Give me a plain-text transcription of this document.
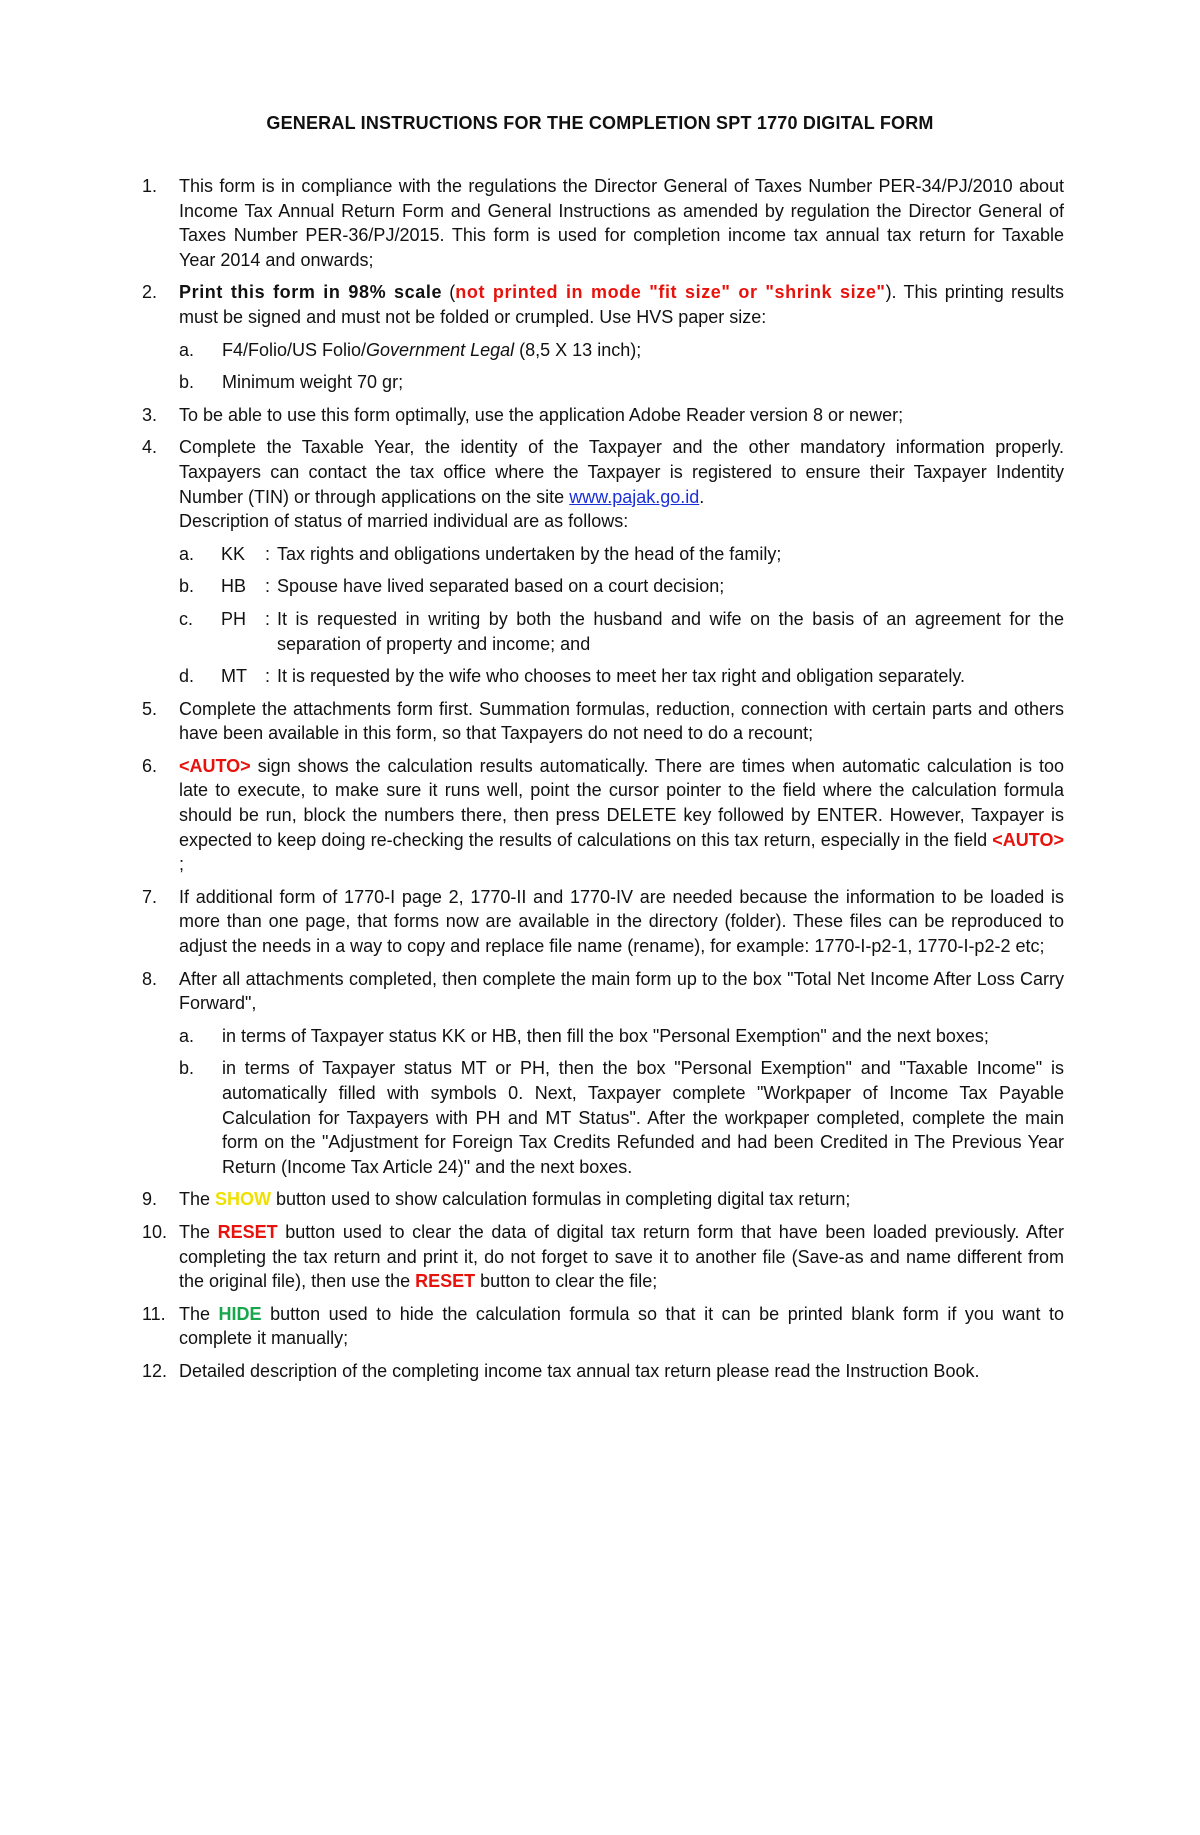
GENERAL INSTRUCTIONS FOR THE COMPLETION SPT 1770 DIGITAL FORM
1.	This form is in compliance with the regulations the Director General of Taxes Number PER-34/PJ/2010 about Income Tax Annual Return Form and General Instructions as amended by regulation the Director General of Taxes Number PER-36/PJ/2015. This form is used for completion income tax annual tax return for Taxable Year 2014 and onwards;
2.	Print this form in 98% scale (not printed in mode "fit size" or "shrink size"). This printing results must be signed and must not be folded or crumpled. Use HVS paper size:
a. F4/Folio/US Folio/Government Legal (8,5 X 13 inch);
b. Minimum weight 70 gr;
3.	To be able to use this form optimally, use the application Adobe Reader version 8 or newer;
4.	Complete the Taxable Year, the identity of the Taxpayer and the other mandatory information properly. Taxpayers can contact the tax office where the Taxpayer is registered to ensure their Taxpayer Indentity Number (TIN) or through applications on the site www.pajak.go.id.
Description of status of married individual are as follows:
a. KK : Tax rights and obligations undertaken by the head of the family;
b. HB : Spouse have lived separated based on a court decision;
c. PH : It is requested in writing by both the husband and wife on the basis of an agreement for the separation of property and income; and
d. MT : It is requested by the wife who chooses to meet her tax right and obligation separately.
5.	Complete the attachments form first. Summation formulas, reduction, connection with certain parts and others have been available in this form, so that Taxpayers do not need to do a recount;
6.	<AUTO> sign shows the calculation results automatically. There are times when automatic calculation is too late to execute, to make sure it runs well, point the cursor pointer to the field where the calculation formula should be run, block the numbers there, then press DELETE key followed by ENTER. However, Taxpayer is expected to keep doing re-checking the results of calculations on this tax return, especially in the field <AUTO> ;
7.	If additional form of 1770-I page 2, 1770-II and 1770-IV are needed because the information to be loaded is more than one page, that forms now are available in the directory (folder). These files can be reproduced to adjust the needs in a way to copy and replace file name (rename), for example: 1770-I-p2-1, 1770-I-p2-2 etc;
8.	After all attachments completed, then complete the main form up to the box "Total Net Income After Loss Carry Forward",
a. in terms of Taxpayer status KK or HB, then fill the box "Personal Exemption" and the next boxes;
b. in terms of Taxpayer status MT or PH, then the box "Personal Exemption" and "Taxable Income" is automatically filled with symbols 0. Next, Taxpayer complete "Workpaper of Income Tax Payable Calculation for Taxpayers with PH and MT Status". After the workpaper completed, complete the main form on the "Adjustment for Foreign Tax Credits Refunded and had been Credited in The Previous Year Return (Income Tax Article 24)" and the next boxes.
9.	The SHOW button used to show calculation formulas in completing digital tax return;
10. The RESET button used to clear the data of digital tax return form that have been loaded previously. After completing the tax return and print it, do not forget to save it to another file (Save-as and name different from the original file), then use the RESET button to clear the file;
11. The HIDE button used to hide the calculation formula so that it can be printed blank form if you want to complete it manually;
12. Detailed description of the completing income tax annual tax return please read the Instruction Book.
